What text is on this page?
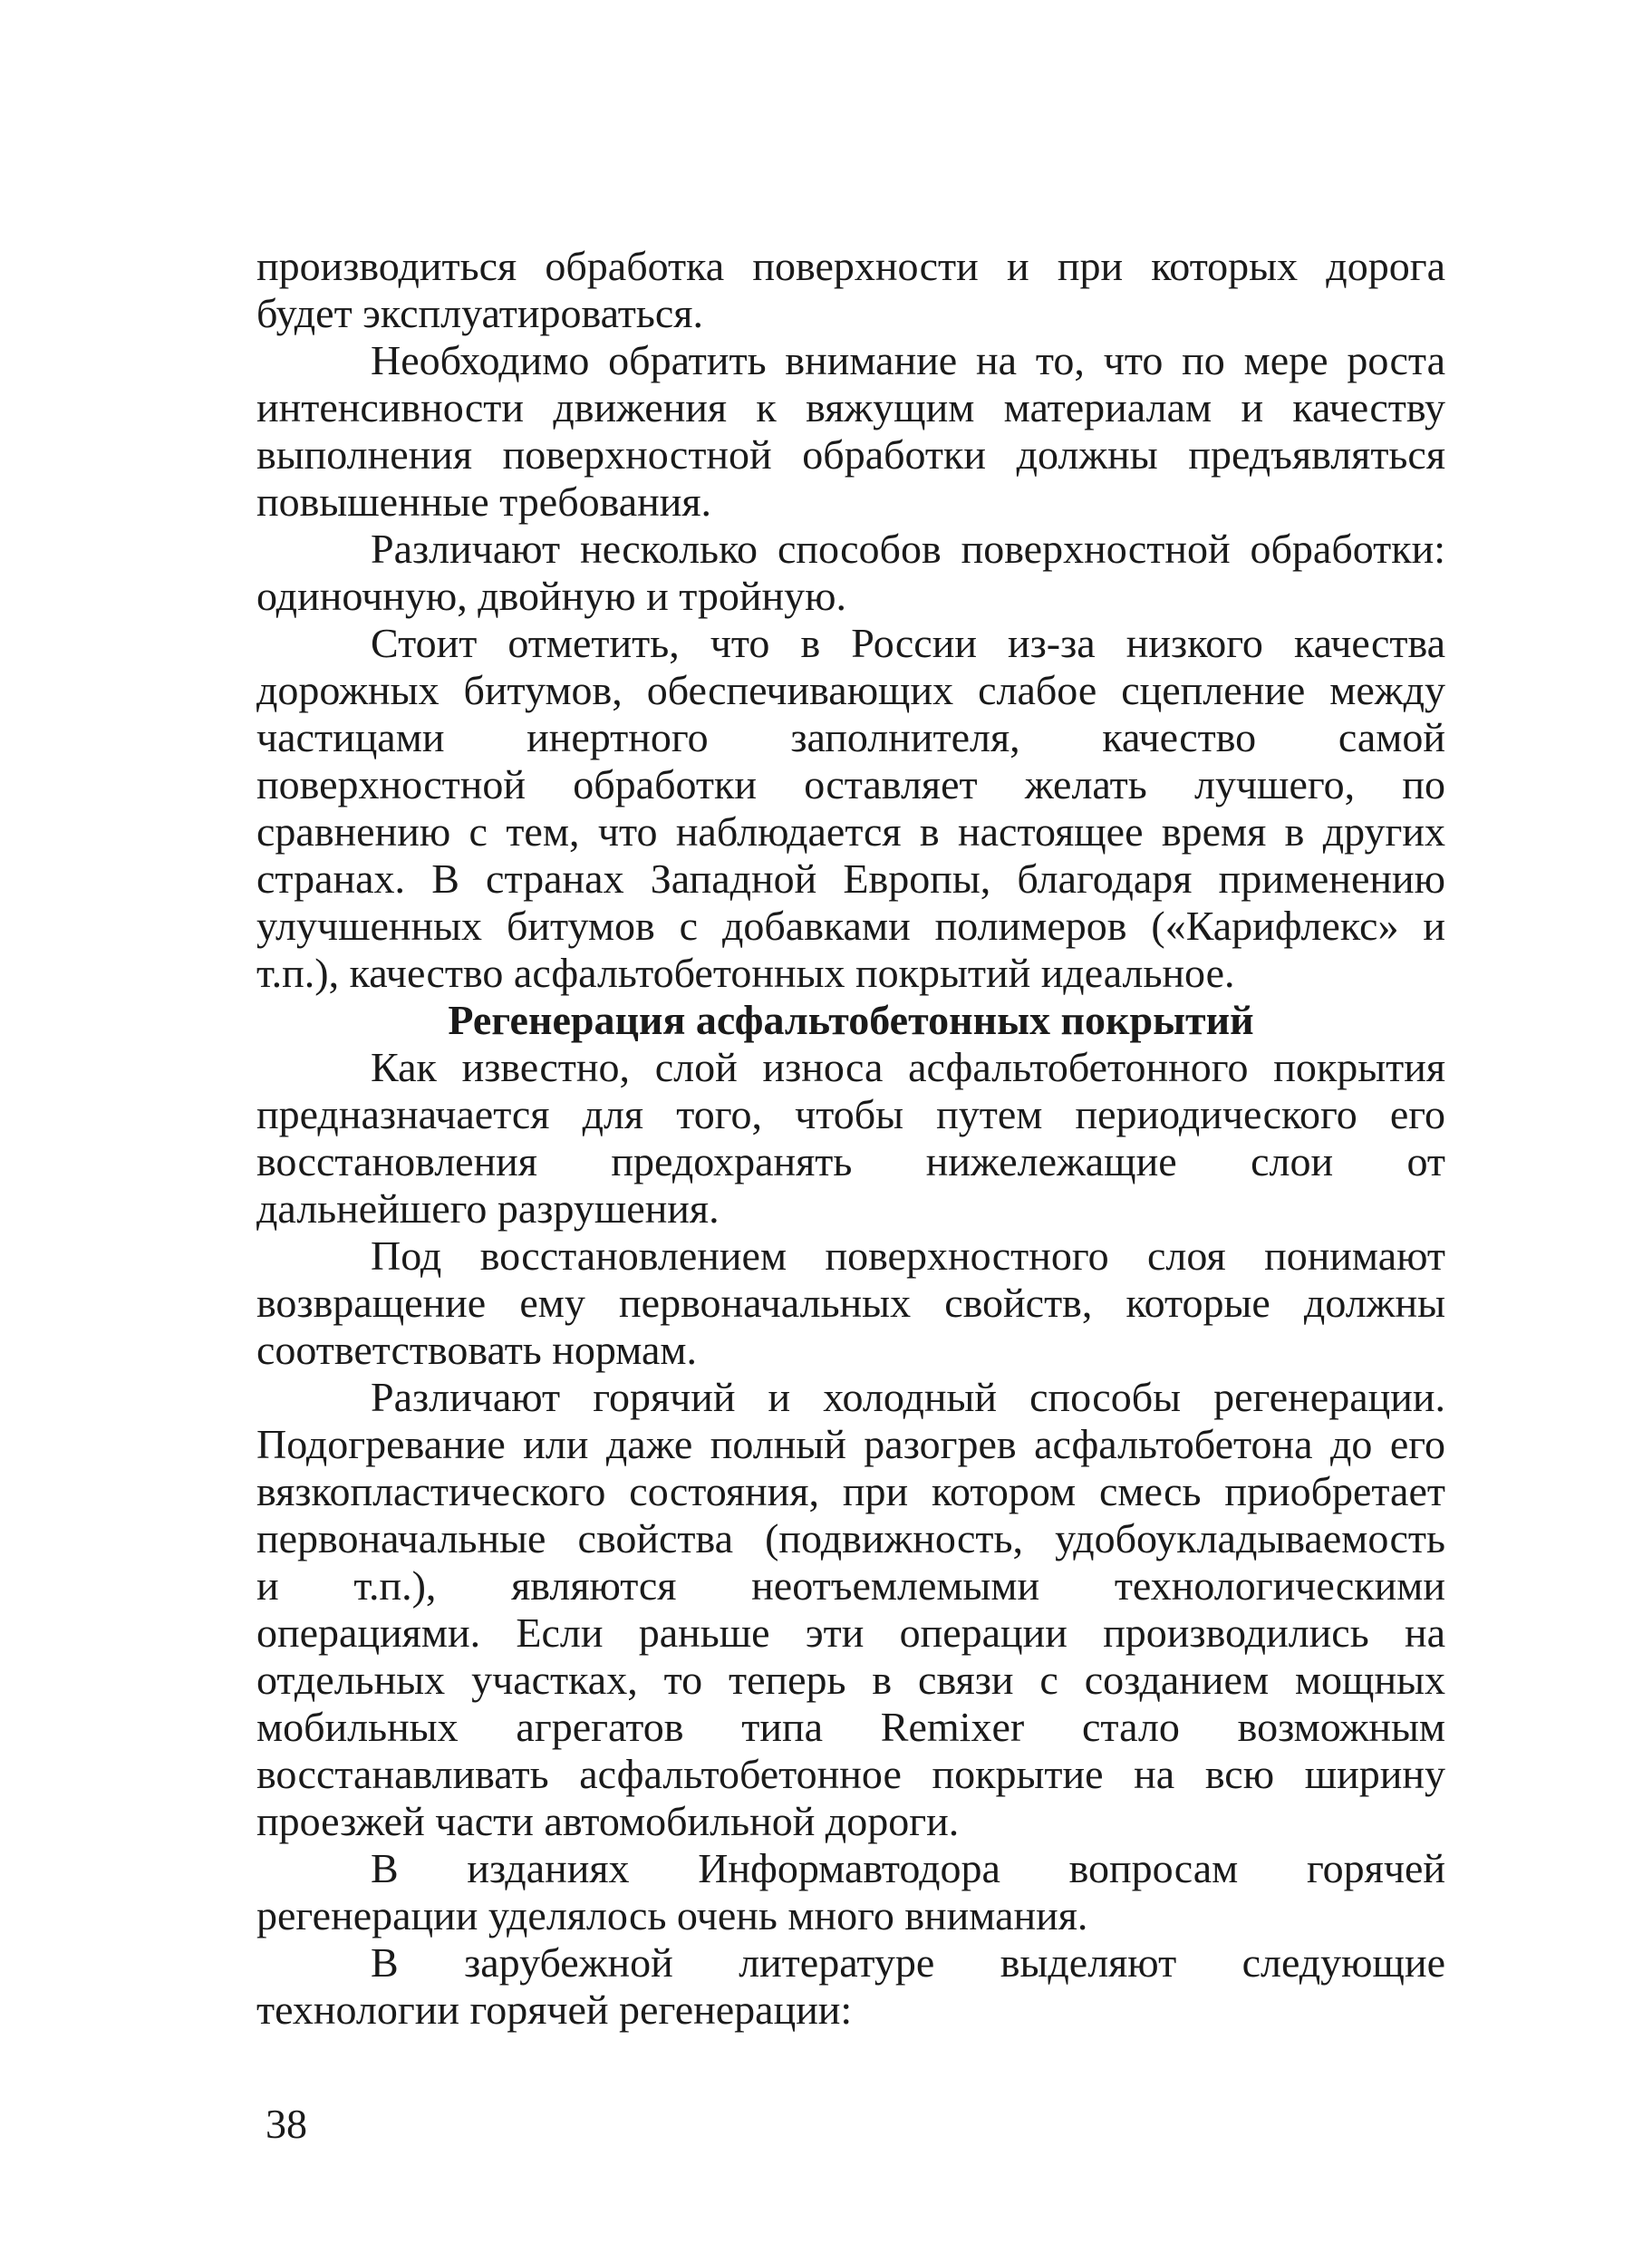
производиться обработка поверхности и при которых дорога
будет эксплуатироваться.
Необходимо обратить внимание на то, что по мере роста
интенсивности движения к вяжущим материалам и качеству
выполнения поверхностной обработки должны предъявляться
повышенные требования.
Различают несколько способов поверхностной обработки:
одиночную, двойную и тройную.
Стоит отметить, что в России из-за низкого качества
дорожных битумов, обеспечивающих слабое сцепление между
частицами инертного заполнителя, качество самой
поверхностной обработки оставляет желать лучшего, по
сравнению с тем, что наблюдается в настоящее время в других
странах. В странах Западной Европы, благодаря применению
улучшенных битумов с добавками полимеров («Карифлекс» и
т.п.), качество асфальтобетонных покрытий идеальное.
Регенерация асфальтобетонных покрытий
Как известно, слой износа асфальтобетонного покрытия
предназначается для того, чтобы путем периодического его
восстановления предохранять нижележащие слои от
дальнейшего разрушения.
Под восстановлением поверхностного слоя понимают
возвращение ему первоначальных свойств, которые должны
соответствовать нормам.
Различают горячий и холодный способы регенерации.
Подогревание или даже полный разогрев асфальтобетона до его
вязкопластического состояния, при котором смесь приобретает
первоначальные свойства (подвижность, удобоукладываемость
и т.п.), являются неотъемлемыми технологическими
операциями. Если раньше эти операции производились на
отдельных участках, то теперь в связи с созданием мощных
мобильных агрегатов типа Remixer стало возможным
восстанавливать асфальтобетонное покрытие на всю ширину
проезжей части автомобильной дороги.
В изданиях Информавтодора вопросам горячей
регенерации уделялось очень много внимания.
В зарубежной литературе выделяют следующие
технологии горячей регенерации:
38
